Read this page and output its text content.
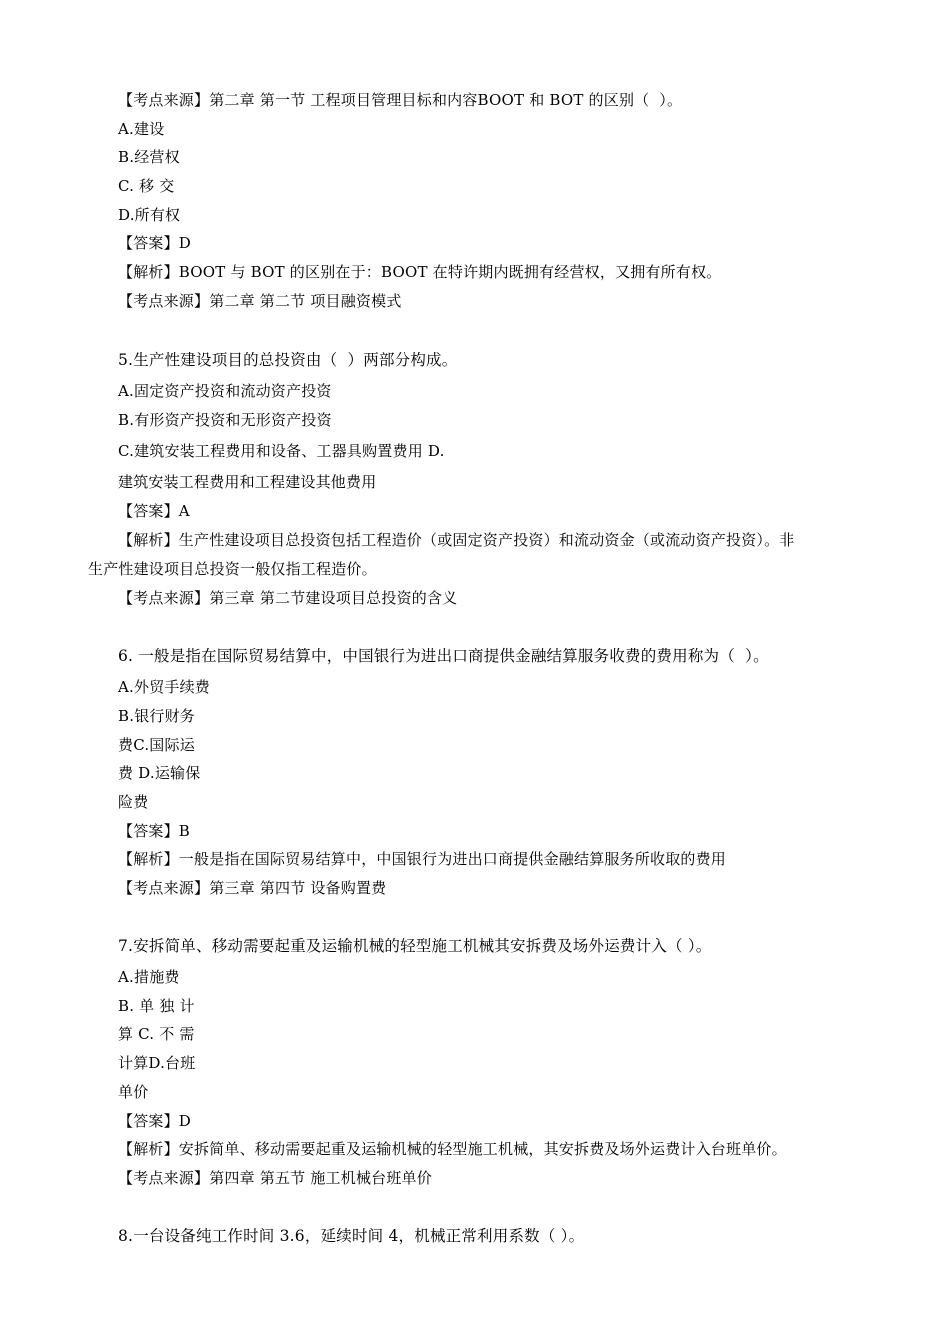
【考点来源】第二章 第一节 工程项目管理目标和内容BOOT 和 BOT 的区别（  ）。
A.建设
B.经营权
C. 移 交
D.所有权
【答案】D
【解析】BOOT 与 BOT 的区别在于：BOOT 在特许期内既拥有经营权，又拥有所有权。
【考点来源】第二章 第二节 项目融资模式
5.生产性建设项目的总投资由（  ）两部分构成。
A.固定资产投资和流动资产投资
B.有形资产投资和无形资产投资
C.建筑安装工程费用和设备、工器具购置费用 D.
建筑安装工程费用和工程建设其他费用
【答案】A
【解析】生产性建设项目总投资包括工程造价（或固定资产投资）和流动资金（或流动资产投资）。非
生产性建设项目总投资一般仅指工程造价。
【考点来源】第三章 第二节建设项目总投资的含义
6. 一般是指在国际贸易结算中，中国银行为进出口商提供金融结算服务收费的费用称为（  ）。
A.外贸手续费
B.银行财务
费C.国际运
费 D.运输保
险费
【答案】B
【解析】一般是指在国际贸易结算中，中国银行为进出口商提供金融结算服务所收取的费用
【考点来源】第三章 第四节 设备购置费
7.安拆简单、移动需要起重及运输机械的轻型施工机械其安拆费及场外运费计入（ ）。
A.措施费
B. 单 独 计
算 C. 不 需
计算D.台班
单价
【答案】D
【解析】安拆简单、移动需要起重及运输机械的轻型施工机械，其安拆费及场外运费计入台班单价。
【考点来源】第四章 第五节 施工机械台班单价
8.一台设备纯工作时间 3.6，延续时间 4，机械正常利用系数（ ）。
